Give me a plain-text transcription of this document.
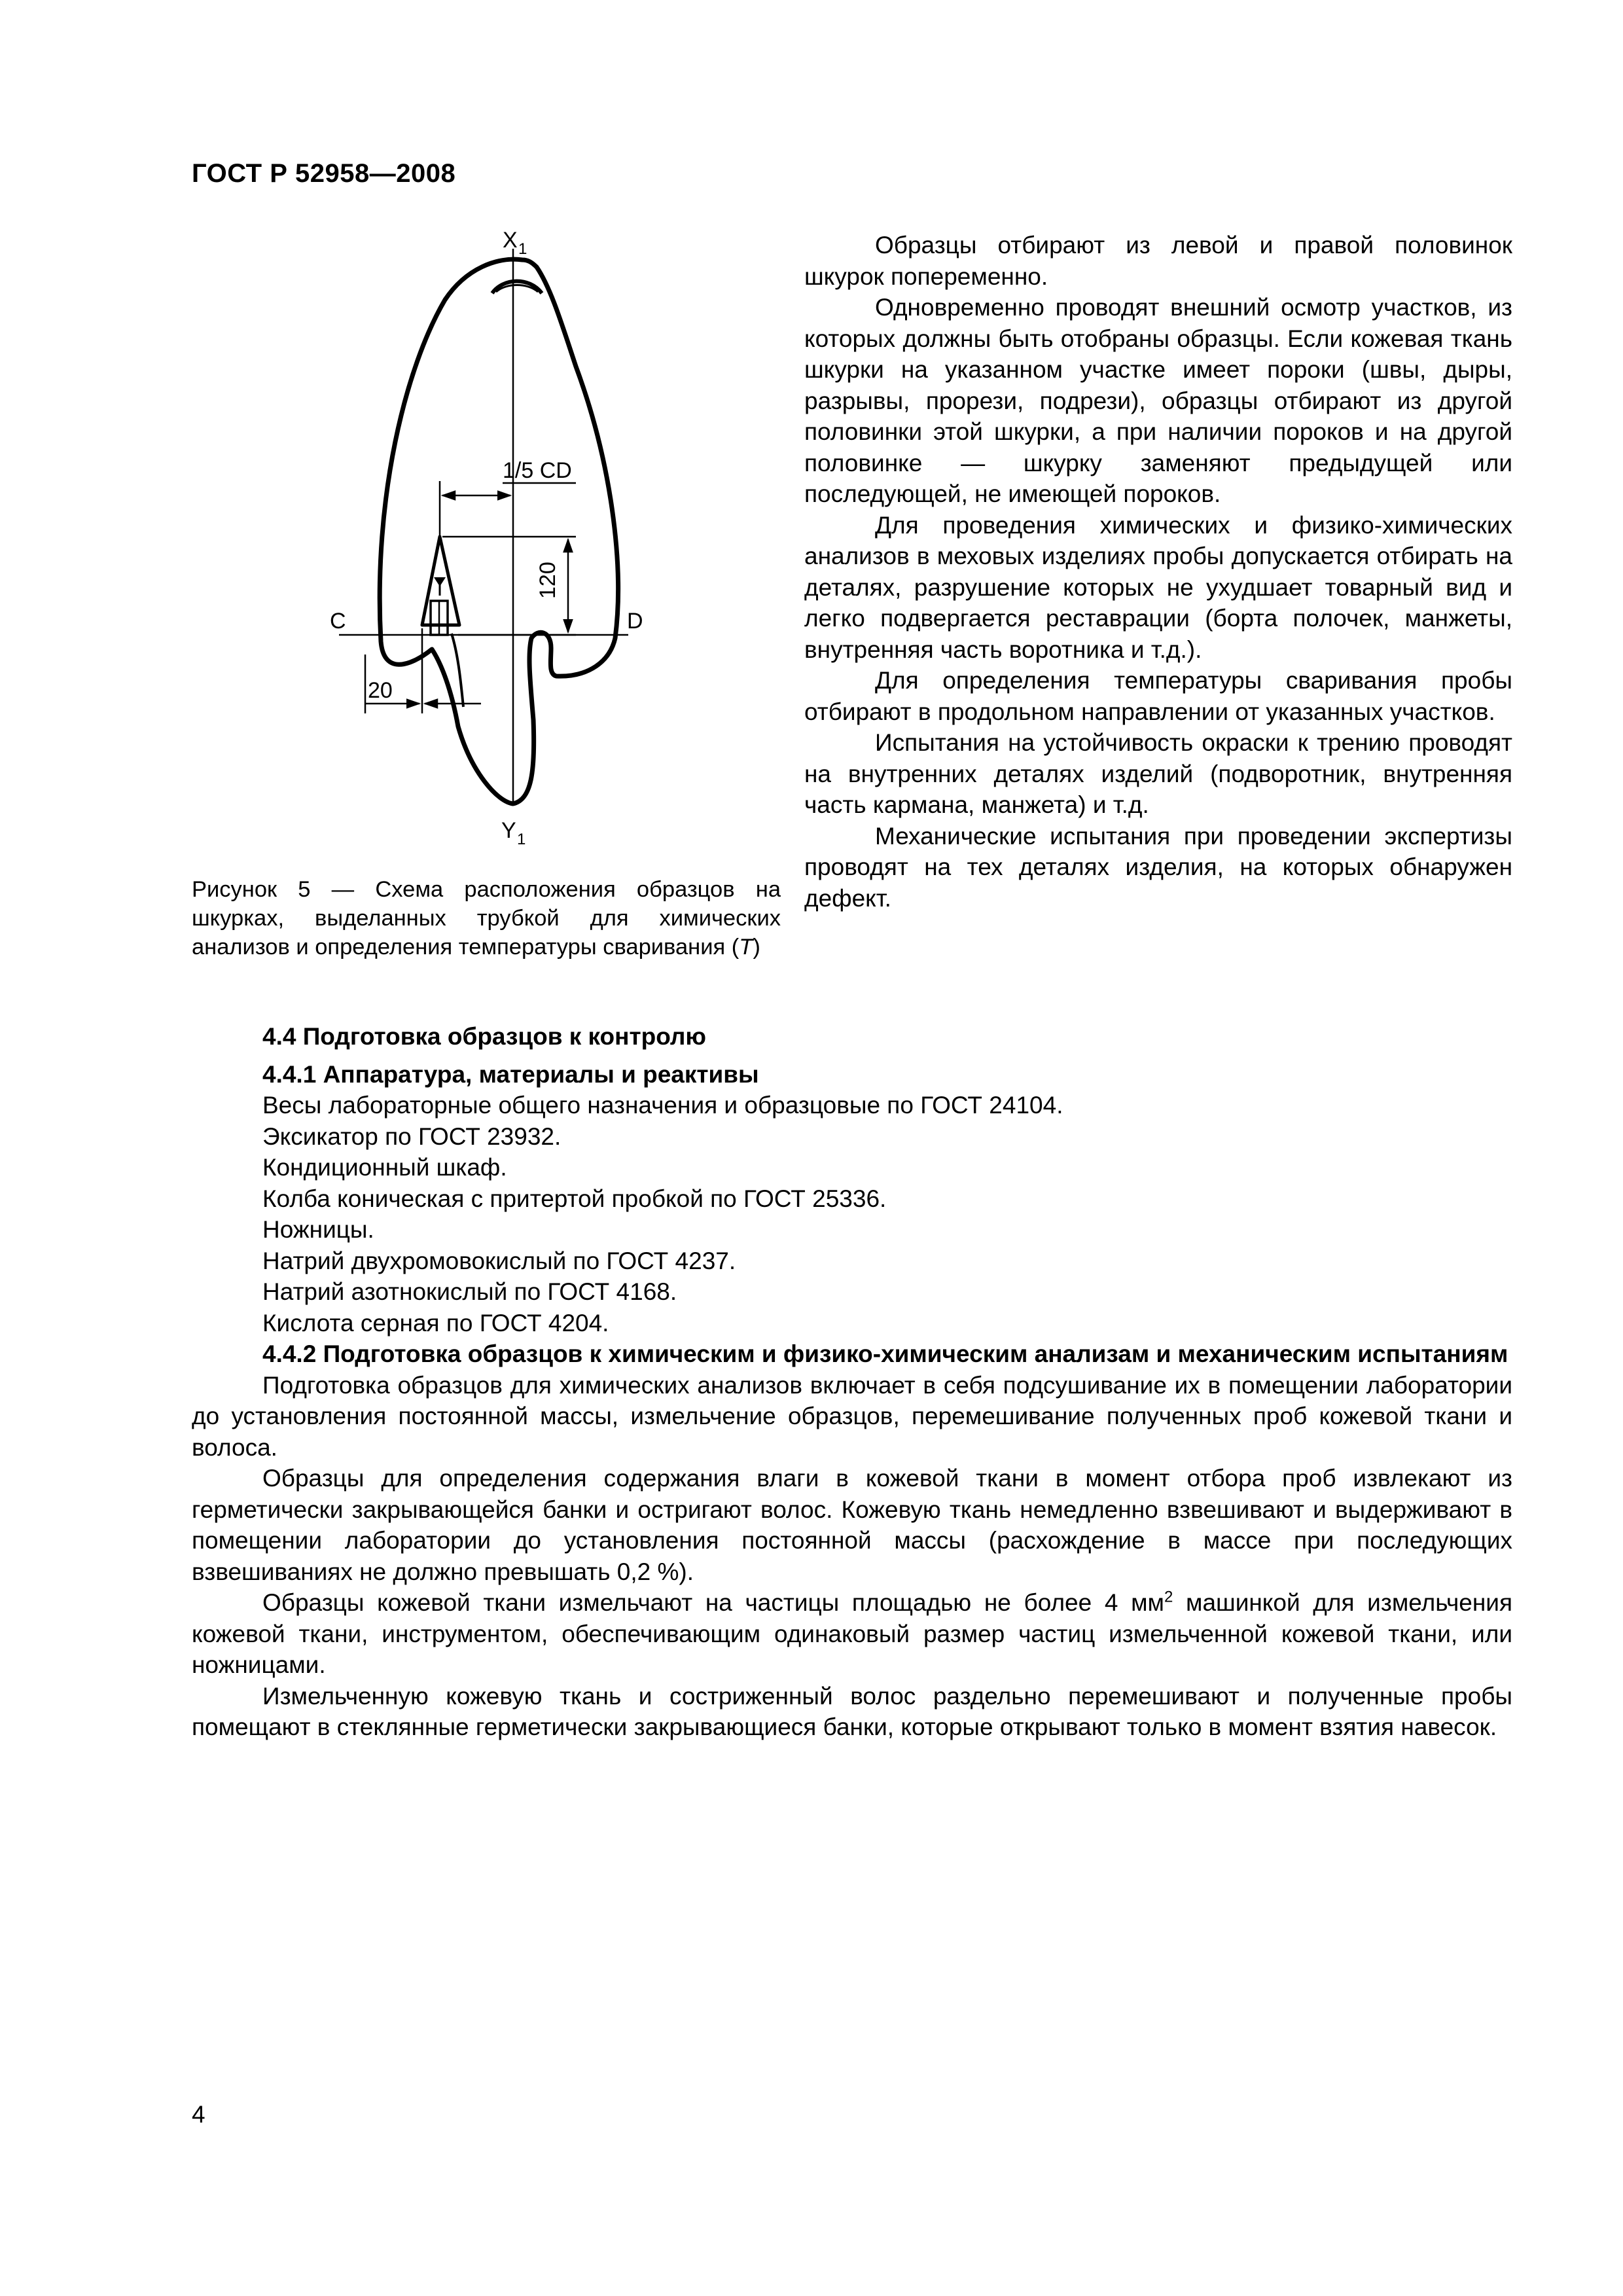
ГОСТ Р 52958—2008
X 1
Y 1
C	D
1/5 CD
120
20

Рисунок 5 — Схема расположения образцов на шкурках, выделанных трубкой для химических анализов и определения температуры сваривания (Т)

Образцы отбирают из левой и правой половинок шкурок попеременно.

Одновременно проводят внешний осмотр участков, из которых должны быть отобраны образцы. Если кожевая ткань шкурки на указанном участке имеет пороки (швы, дыры, разрывы, прорези, подрези), образцы отбирают из другой половинки этой шкурки, а при наличии пороков и на другой половинке — шкурку заменяют предыдущей или последующей, не имеющей пороков.

Для проведения химических и физико-химических анализов в меховых изделиях пробы допускается отбирать на деталях, разрушение которых не ухудшает товарный вид и легко подвергается реставрации (борта полочек, манжеты, внутренняя часть воротника и т.д.).

Для определения температуры сваривания пробы отбирают в продольном направлении от указанных участков.

Испытания на устойчивость окраски к трению проводят на внутренних деталях изделий (подворотник, внутренняя часть кармана, манжета) и т.д.

Механические испытания при проведении экспертизы проводят на тех деталях изделия, на которых обнаружен дефект.

4.4 Подготовка образцов к контролю

4.4.1 Аппаратура, материалы и реактивы

Весы лабораторные общего назначения и образцовые по ГОСТ 24104.

Эксикатор по ГОСТ 23932.

Кондиционный шкаф.

Колба коническая с притертой пробкой по ГОСТ 25336.

Ножницы.

Натрий двухромовокислый по ГОСТ 4237.

Натрий азотнокислый по ГОСТ 4168.

Кислота серная по ГОСТ 4204.

4.4.2 Подготовка образцов к химическим и физико-химическим анализам и механическим испытаниям

Подготовка образцов для химических анализов включает в себя подсушивание их в помещении лаборатории до установления постоянной массы, измельчение образцов, перемешивание полученных проб кожевой ткани и волоса.

Образцы для определения содержания влаги в кожевой ткани в момент отбора проб извлекают из герметически закрывающейся банки и остригают волос. Кожевую ткань немедленно взвешивают и выдерживают в помещении лаборатории до установления постоянной массы (расхождение в массе при последующих взвешиваниях не должно превышать 0,2 %).

Образцы кожевой ткани измельчают на частицы площадью не более 4 $мм^2$ машинкой для измельчения кожевой ткани, инструментом, обеспечивающим одинаковый размер частиц измельченной кожевой ткани, или ножницами.

Измельченную кожевую ткань и состриженный волос раздельно перемешивают и полученные пробы помещают в стеклянные герметически закрывающиеся банки, которые открывают только в момент взятия навесок.

4
